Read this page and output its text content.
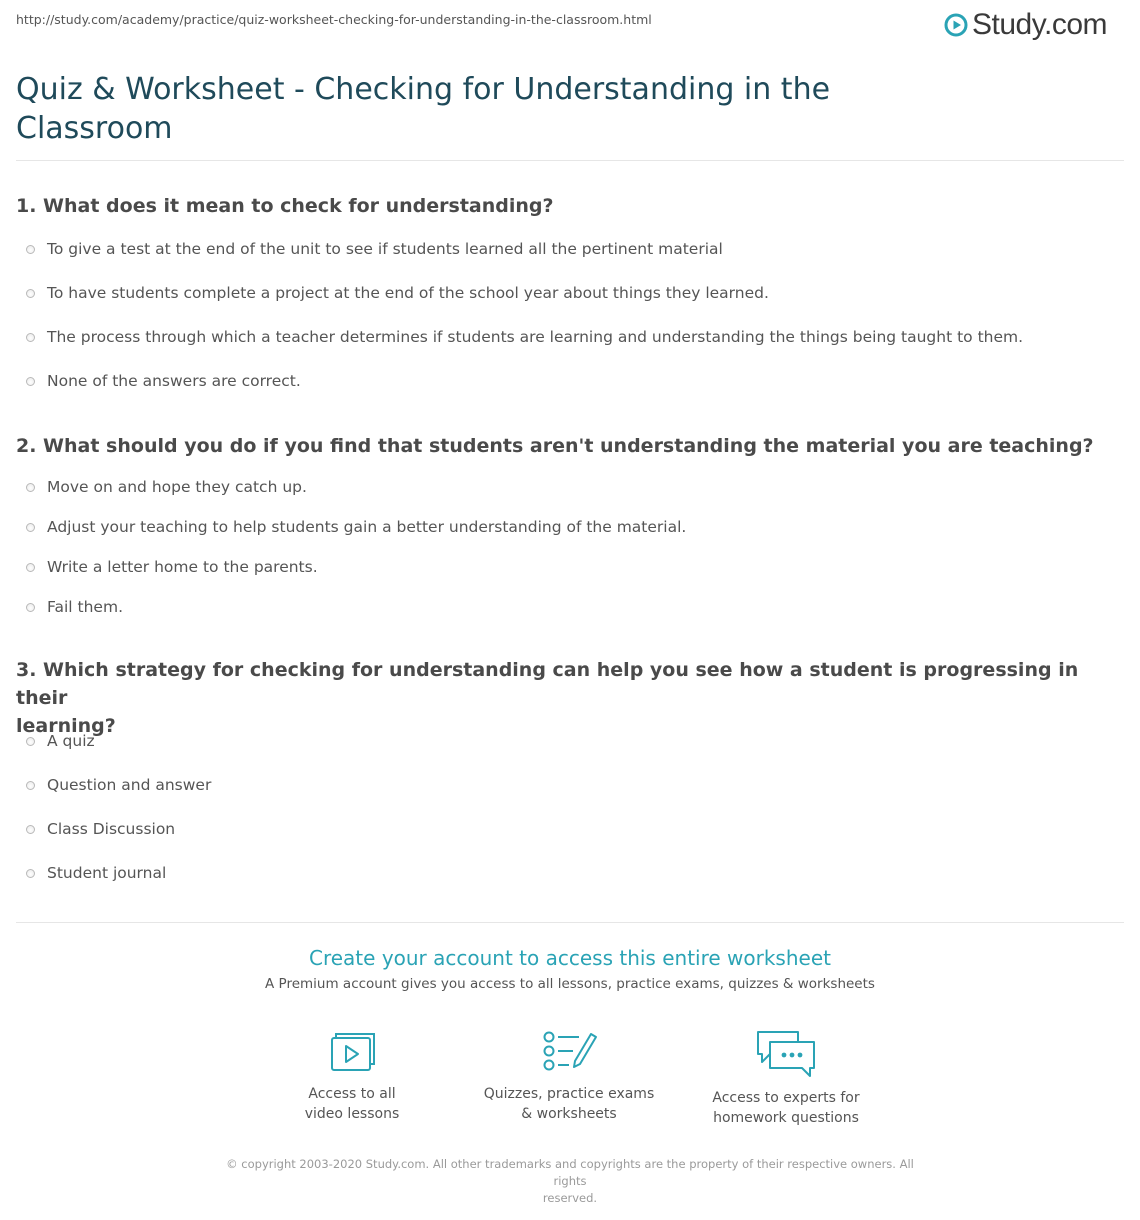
http://study.com/academy/practice/quiz-worksheet-checking-for-understanding-in-the-classroom.html	Study.com
Quiz & Worksheet - Checking for Understanding in the
Classroom
1. What does it mean to check for understanding?
To give a test at the end of the unit to see if students learned all the pertinent material
To have students complete a project at the end of the school year about things they learned.
The process through which a teacher determines if students are learning and understanding the things being taught to them.
None of the answers are correct.
2. What should you do if you find that students aren't understanding the material you are teaching?
Move on and hope they catch up.
Adjust your teaching to help students gain a better understanding of the material.
Write a letter home to the parents.
Fail them.
3. Which strategy for checking for understanding can help you see how a student is progressing in their
learning?
A quiz
Question and answer
Class Discussion
Student journal
Create your account to access this entire worksheet
A Premium account gives you access to all lessons, practice exams, quizzes & worksheets
Access to all
video lessons
Quizzes, practice exams
& worksheets
Access to experts for
homework questions
© copyright 2003-2020 Study.com. All other trademarks and copyrights are the property of their respective owners. All rights
reserved.
